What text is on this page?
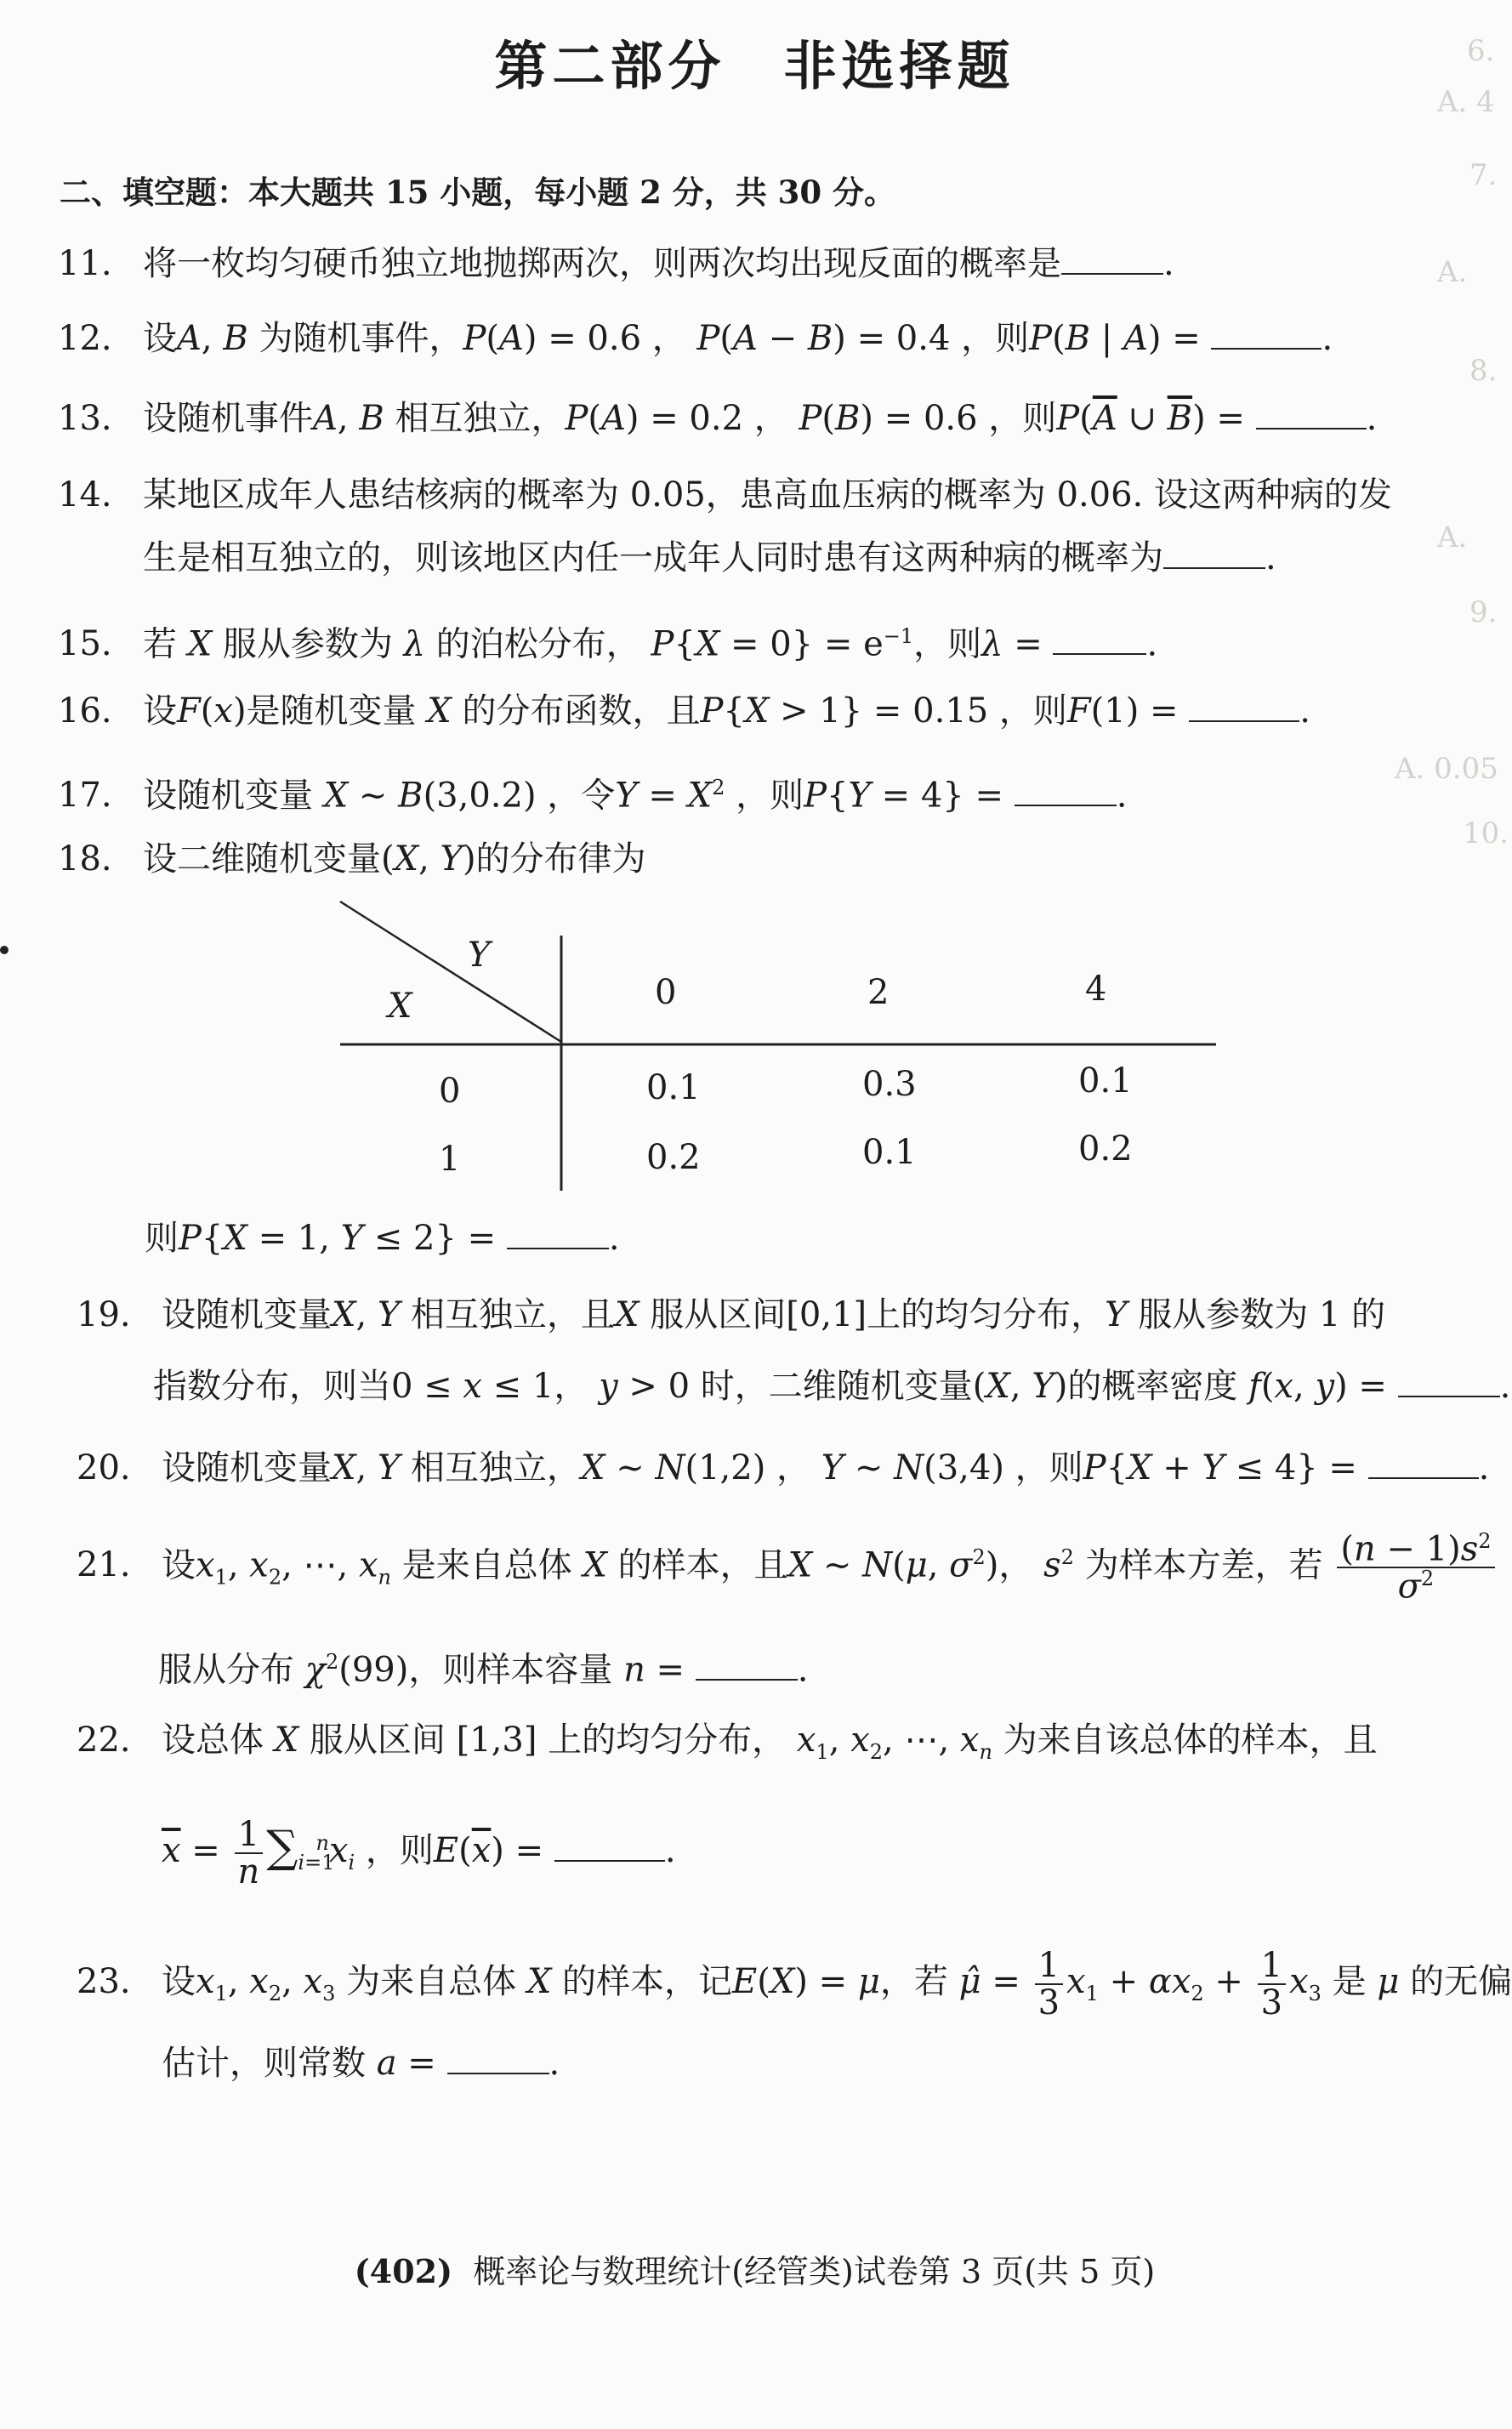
6.
A. 4
7.
A.
8.
A.
9.
A. 0.05
10.
第二部分　非选择题
二、填空题：本大题共 15 小题，每小题 2 分，共 30 分。
11. 将一枚均匀硬币独立地抛掷两次，则两次均出现反面的概率是	.
12. 设A, B 为随机事件，P(A) = 0.6 ， P(A − B) = 0.4 ，则P(B | A) =	.
13. 设随机事件A, B 相互独立，P(A) = 0.2 ， P(B) = 0.6 ，则$P(\overline{A}$ ∪ $\overline{B}$) =	.
14. 某地区成年人患结核病的概率为 0.05，患高血压病的概率为 0.06. 设这两种病的发
生是相互独立的，则该地区内任一成年人同时患有这两种病的概率为	.
15. 若 X 服从参数为 λ 的泊松分布， $P\{X = 0\} = e^{-1}$，则λ =	.
16. 设F(x)是随机变量 X 的分布函数，且P{X > 1} = 0.15 ，则F(1) =	.
17. 设随机变量 X ~ B(3,0.2) ，令$Y = X^2$ ，则P{Y = 4} =	.
18. 设二维随机变量(X, Y)的分布律为
Y
X	0	2	4
0	0.1	0.3	0.1
1	0.2	0.1	0.2
则P{X = 1, Y ≤ 2} =	.
19. 设随机变量X, Y 相互独立，且X 服从区间[0,1]上的均匀分布，Y 服从参数为 1 的
指数分布，则当0 ≤ x ≤ 1， y > 0 时，二维随机变量(X, Y)的概率密度 f(x, y) =	.
20. 设随机变量X, Y 相互独立，X ~ N(1,2) ， Y ~ N(3,4) ，则P{X + Y ≤ 4} =	.
21. 设$x_1$, $x_2$, ⋯, $x_n$ 是来自总体 X 的样本，且X ~ N(μ, $\sigma^2$)， $s^2$ 为样本方差，若 $\frac{(n - 1)s^2}{\sigma^2}$
服从分布 $\chi^2(99)$，则样本容量 n =	.
22. 设总体 X 服从区间 [1,3] 上的均匀分布， $x_1$, $x_2$, ⋯, $x_n$ 为来自该总体的样本，且
$\overline{x} = \frac{1}{n} \sum_{i=1}^nx_i$ ，则$E(\overline{x})$ =	.
23. 设$x_1$, $x_2$, $x_3$ 为来自总体 X 的样本，记E(X) = μ，若 μ̂ = $\frac{1}{3} x_1 + \alpha x_2 + \frac{1}{3} x_3$ 是 μ 的无偏
估计，则常数 a =	.
(402) 概率论与数理统计(经管类)试卷第 3 页(共 5 页)
